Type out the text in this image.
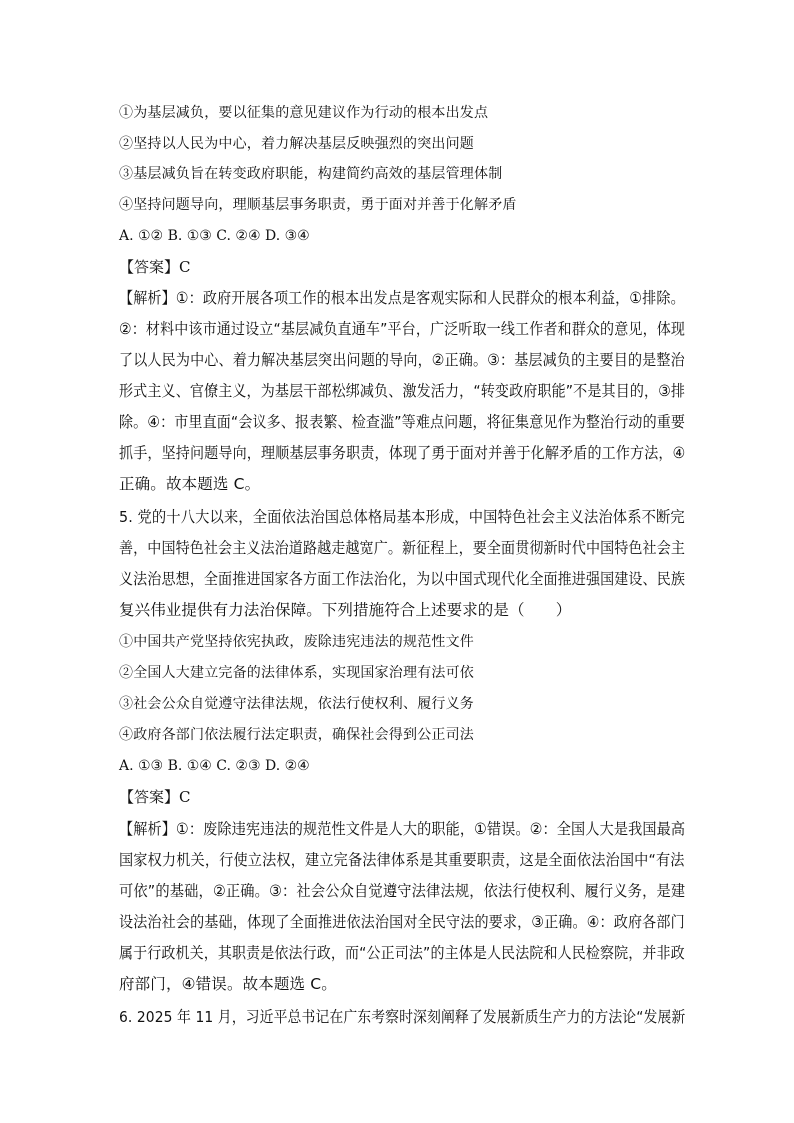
①为基层减负，要以征集的意见建议作为行动的根本出发点
②坚持以人民为中心，着力解决基层反映强烈的突出问题
③基层减负旨在转变政府职能，构建简约高效的基层管理体制
④坚持问题导向，理顺基层事务职责，勇于面对并善于化解矛盾
A. ①② B. ①③ C. ②④ D. ③④
【答案】C
【解析】①：政府开展各项工作的根本出发点是客观实际和人民群众的根本利益，①排除。
②：材料中该市通过设立“基层减负直通车”平台，广泛听取一线工作者和群众的意见，体现
了以人民为中心、着力解决基层突出问题的导向，②正确。③：基层减负的主要目的是整治
形式主义、官僚主义，为基层干部松绑减负、激发活力，“转变政府职能”不是其目的，③排
除。④：市里直面“会议多、报表繁、检查滥”等难点问题，将征集意见作为整治行动的重要
抓手，坚持问题导向，理顺基层事务职责，体现了勇于面对并善于化解矛盾的工作方法，④
正确。故本题选 C。
5. 党的十八大以来，全面依法治国总体格局基本形成，中国特色社会主义法治体系不断完
善，中国特色社会主义法治道路越走越宽广。新征程上，要全面贯彻新时代中国特色社会主
义法治思想，全面推进国家各方面工作法治化，为以中国式现代化全面推进强国建设、民族
复兴伟业提供有力法治保障。下列措施符合上述要求的是（　　）
①中国共产党坚持依宪执政，废除违宪违法的规范性文件
②全国人大建立完备的法律体系，实现国家治理有法可依
③社会公众自觉遵守法律法规，依法行使权利、履行义务
④政府各部门依法履行法定职责，确保社会得到公正司法
A. ①③ B. ①④ C. ②③ D. ②④
【答案】C
【解析】①：废除违宪违法的规范性文件是人大的职能，①错误。②：全国人大是我国最高
国家权力机关，行使立法权，建立完备法律体系是其重要职责，这是全面依法治国中“有法
可依”的基础，②正确。③：社会公众自觉遵守法律法规，依法行使权利、履行义务，是建
设法治社会的基础，体现了全面推进依法治国对全民守法的要求，③正确。④：政府各部门
属于行政机关，其职责是依法行政，而“公正司法”的主体是人民法院和人民检察院，并非政
府部门，④错误。故本题选 C。
6. 2025 年 11 月，习近平总书记在广东考察时深刻阐释了发展新质生产力的方法论“发展新
